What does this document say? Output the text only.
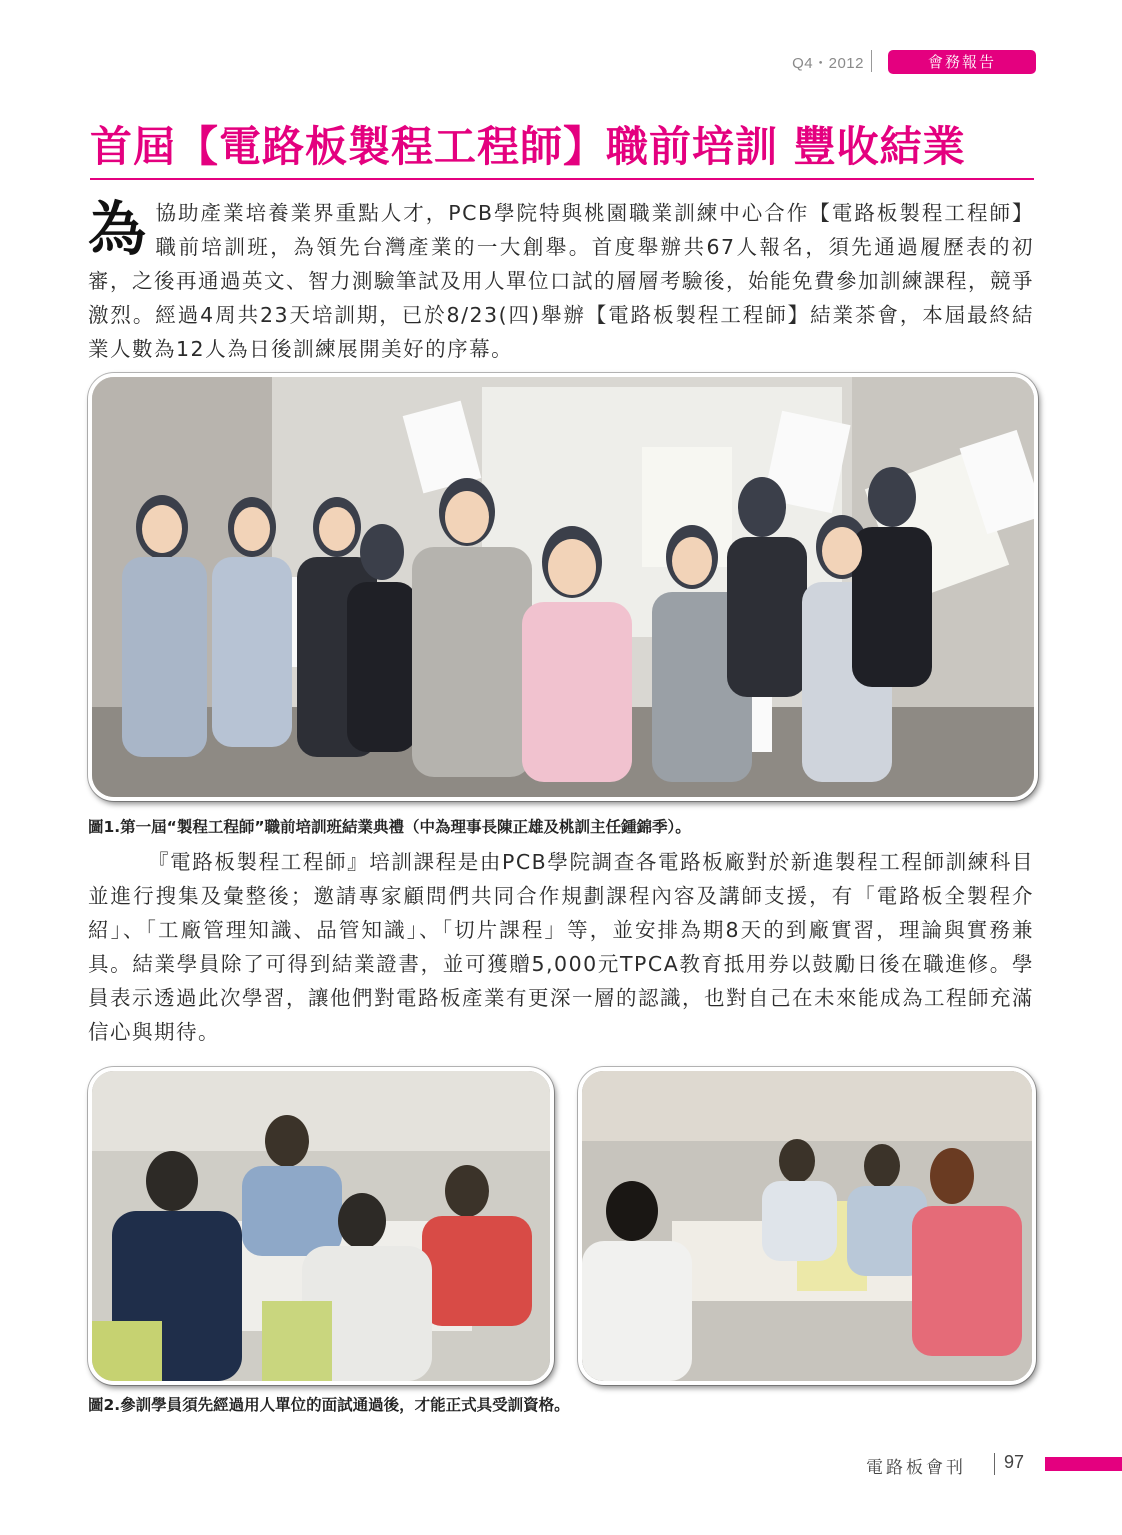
Q4・2012	會務報告
首屆【電路板製程工程師】職前培訓 豐收結業

為協助產業培養業界重點人才，PCB學院特與桃園職業訓練中心合作【電路板製程工程師】職前培訓班，為領先台灣產業的一大創舉。首度舉辦共67人報名，須先通過履歷表的初審，之後再通過英文、智力測驗筆試及用人單位口試的層層考驗後，始能免費參加訓練課程，競爭激烈。經過4周共23天培訓期，已於8/23(四)舉辦【電路板製程工程師】結業茶會，本屆最終結業人數為12人為日後訓練展開美好的序幕。

圖1.第一屆“製程工程師”職前培訓班結業典禮（中為理事長陳正雄及桃訓主任鍾錦季）。

『電路板製程工程師』培訓課程是由PCB學院調查各電路板廠對於新進製程工程師訓練科目並進行搜集及彙整後；邀請專家顧問們共同合作規劃課程內容及講師支援，有「電路板全製程介紹」、「工廠管理知識、品管知識」、「切片課程」等，並安排為期8天的到廠實習，理論與實務兼具。結業學員除了可得到結業證書，並可獲贈5,000元TPCA教育抵用券以鼓勵日後在職進修。學員表示透過此次學習，讓他們對電路板產業有更深一層的認識，也對自己在未來能成為工程師充滿信心與期待。

圖2.參訓學員須先經過用人單位的面試通過後，才能正式具受訓資格。

電路板會刊 97
